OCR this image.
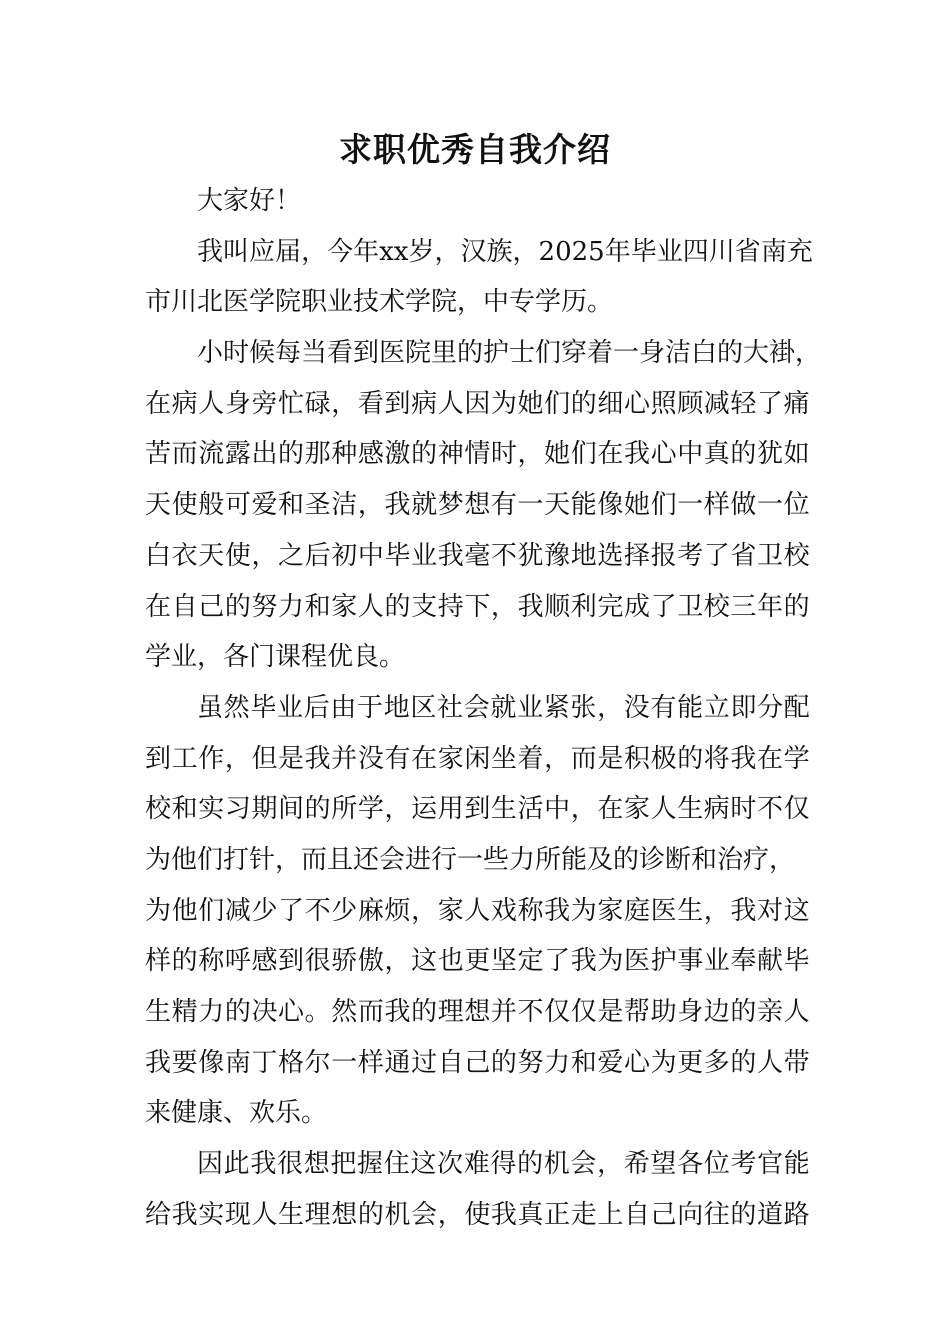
求职优秀自我介绍
大家好！
我 叫 应 届 ， 今 年 x x 岁 ， 汉 族 ， 2 0 2 5 年 毕 业 四 川 省 南 充
市川北医学院职业技术学院，中专学历。
小时候每当看到医院里的护士们穿着一身洁白的大褂，
在 病 人 身 旁 忙 碌 ， 看 到 病 人 因 为 她 们 的 细 心 照 顾 减 轻 了 痛
苦 而 流 露 出 的 那 种 感 激 的 神 情 时 ， 她 们 在 我 心 中 真 的 犹 如
天 使 般 可 爱 和 圣 洁 ， 我 就 梦 想 有 一 天 能 像 她 们 一 样 做 一 位
白 衣 天 使 ， 之 后 初 中 毕 业 我 毫 不 犹 豫 地 选 择 报 考 了 省 卫 校
在 自 己 的 努 力 和 家 人 的 支 持 下 ， 我 顺 利 完 成 了 卫 校 三 年 的
学业，各门课程优良。
虽 然 毕 业 后 由 于 地 区 社 会 就 业 紧 张 ， 没 有 能 立 即 分 配
到 工 作 ， 但 是 我 并 没 有 在 家 闲 坐 着 ， 而 是 积 极 的 将 我 在 学
校 和 实 习 期 间 的 所 学 ， 运 用 到 生 活 中 ， 在 家 人 生 病 时 不 仅
为他们打针，而且还会进行一些力所能及的诊断和治疗，
为 他 们 减 少 了 不 少 麻 烦 ， 家 人 戏 称 我 为 家 庭 医 生 ， 我 对 这
样 的 称 呼 感 到 很 骄 傲 ， 这 也 更 坚 定 了 我 为 医 护 事 业 奉 献 毕
生 精 力 的 决 心 。 然 而 我 的 理 想 并 不 仅 仅 是 帮 助 身 边 的 亲 人
我 要 像 南 丁 格 尔 一 样 通 过 自 己 的 努 力 和 爱 心 为 更 多 的 人 带
来健康、欢乐。
因 此 我 很 想 把 握 住 这 次 难 得 的 机 会 ， 希 望 各 位 考 官 能
给 我 实 现 人 生 理 想 的 机 会 ， 使 我 真 正 走 上 自 己 向 往 的 道 路
